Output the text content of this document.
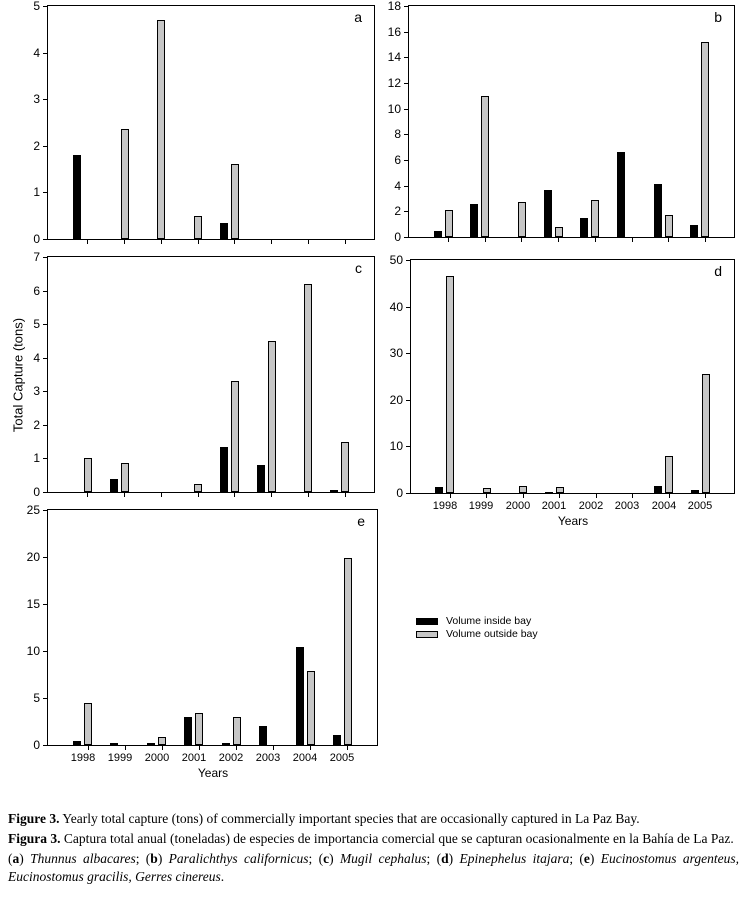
a
0
1
2
3
4
5
b
0
2
4
6
8
10
12
14
16
18
c
0
1
2
3
4
5
6
7
d
0
10
20
30
40
50
1998	1999	2000	2001	2002	2003	2004	2005
Years
e
0
5
10
15
20
25
1998	1999	2000	2001	2002	2003	2004	2005
Years
Total Capture (tons)
Volume inside bay
Volume outside bay

Figure 3. Yearly total capture (tons) of commercially important species that are occasionally captured in La Paz Bay.

Figura 3. Captura total anual (toneladas) de especies de importancia comercial que se capturan ocasionalmente en la Bahía de La Paz.

(a) Thunnus albacares; (b) Paralichthys californicus; (c) Mugil cephalus; (d) Epinephelus itajara; (e) Eucinostomus argenteus, Eucinostomus gracilis, Gerres cinereus.
